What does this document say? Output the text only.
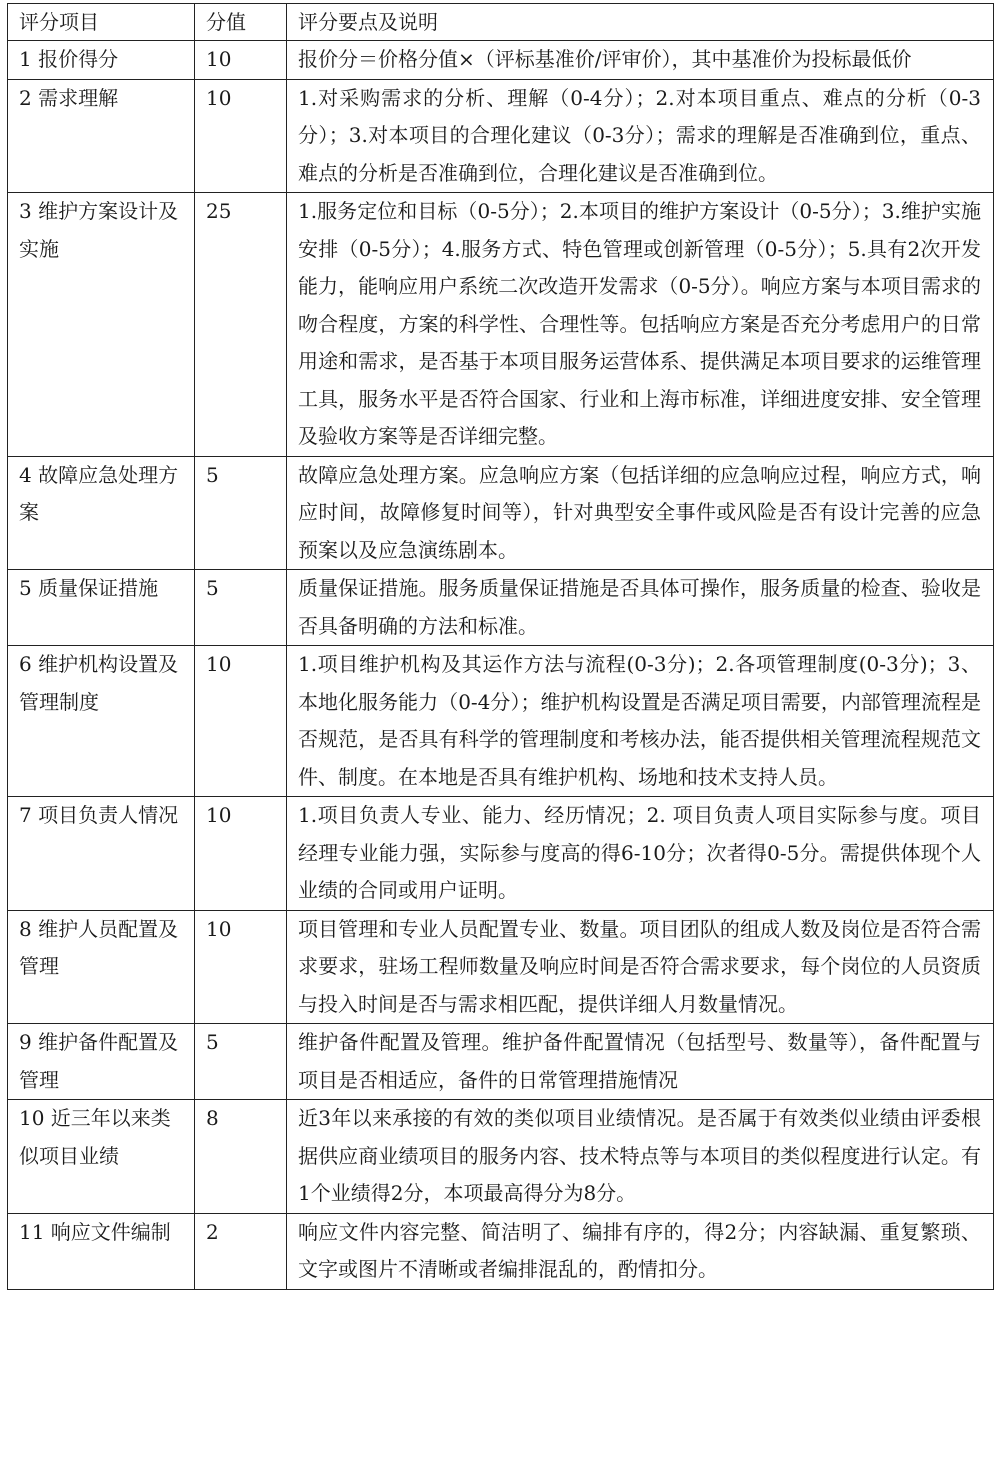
评分项目	分值	评分要点及说明
1 报价得分	10	报价分＝价格分值×（评标基准价/评审价），其中基准价为投标最低价
2 需求理解	10	1.对采购需求的分析、理解（0-4分）；2.对本项目重点、难点的分析（0-3分）；3.对本项目的合理化建议（0-3分）；需求的理解是否准确到位，重点、难点的分析是否准确到位，合理化建议是否准确到位。
3 维护方案设计及实施	25	1.服务定位和目标（0-5分）；2.本项目的维护方案设计（0-5分）；3.维护实施安排（0-5分）；4.服务方式、特色管理或创新管理（0-5分）；5.具有2次开发能力，能响应用户系统二次改造开发需求（0-5分）。响应方案与本项目需求的吻合程度，方案的科学性、合理性等。包括响应方案是否充分考虑用户的日常用途和需求，是否基于本项目服务运营体系、提供满足本项目要求的运维管理工具，服务水平是否符合国家、行业和上海市标准，详细进度安排、安全管理及验收方案等是否详细完整。
4 故障应急处理方案	5	故障应急处理方案。应急响应方案（包括详细的应急响应过程，响应方式，响应时间，故障修复时间等），针对典型安全事件或风险是否有设计完善的应急预案以及应急演练剧本。
5 质量保证措施	5	质量保证措施。服务质量保证措施是否具体可操作，服务质量的检查、验收是否具备明确的方法和标准。
6 维护机构设置及管理制度	10	1.项目维护机构及其运作方法与流程(0-3分)；2.各项管理制度(0-3分)；3、本地化服务能力（0-4分）；维护机构设置是否满足项目需要，内部管理流程是否规范，是否具有科学的管理制度和考核办法，能否提供相关管理流程规范文件、制度。在本地是否具有维护机构、场地和技术支持人员。
7 项目负责人情况	10	1.项目负责人专业、能力、经历情况；2. 项目负责人项目实际参与度。项目经理专业能力强，实际参与度高的得6-10分；次者得0-5分。需提供体现个人业绩的合同或用户证明。
8 维护人员配置及管理	10	项目管理和专业人员配置专业、数量。项目团队的组成人数及岗位是否符合需求要求，驻场工程师数量及响应时间是否符合需求要求，每个岗位的人员资质与投入时间是否与需求相匹配，提供详细人月数量情况。
9 维护备件配置及管理	5	维护备件配置及管理。维护备件配置情况（包括型号、数量等），备件配置与项目是否相适应，备件的日常管理措施情况
10 近三年以来类似项目业绩	8	近3年以来承接的有效的类似项目业绩情况。是否属于有效类似业绩由评委根据供应商业绩项目的服务内容、技术特点等与本项目的类似程度进行认定。有1个业绩得2分，本项最高得分为8分。
11 响应文件编制	2	响应文件内容完整、简洁明了、编排有序的，得2分；内容缺漏、重复繁琐、文字或图片不清晰或者编排混乱的，酌情扣分。
